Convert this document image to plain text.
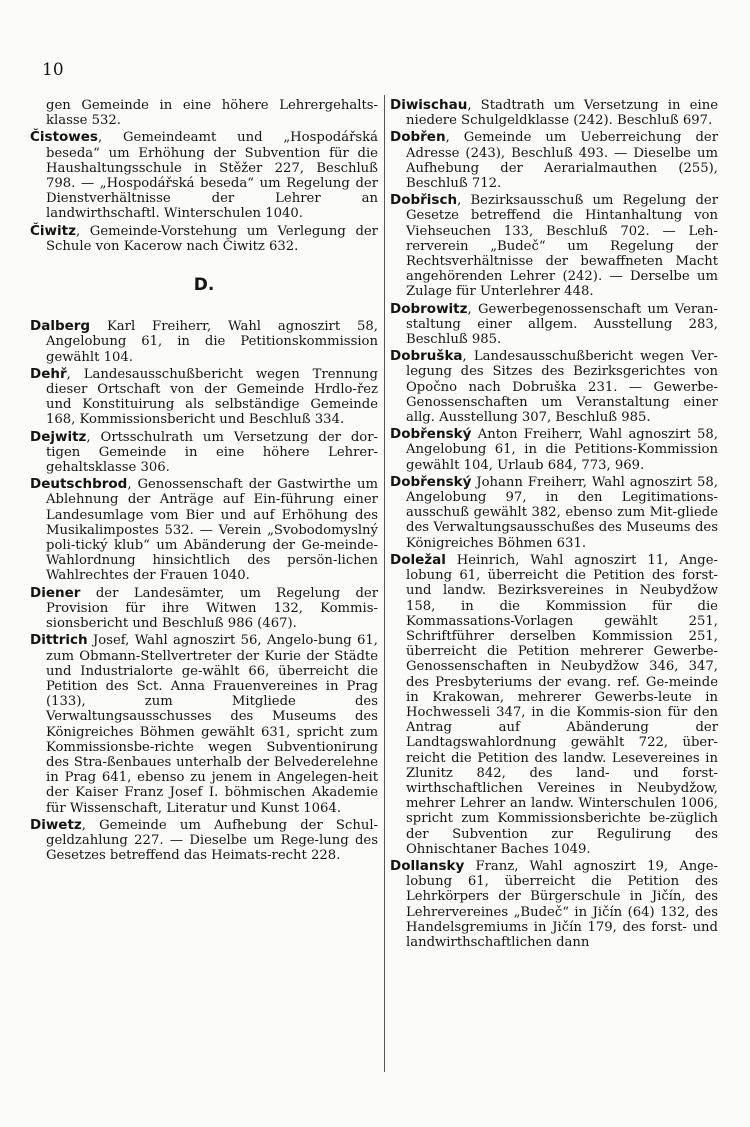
10

gen Gemeinde in eine höhere Lehrergehalts-klasse 532.

Čistowes, Gemeindeamt und „Hospodářská beseda“ um Erhöhung der Subvention für die Haushaltungsschule in Stěžer 227, Beschluß 798. — „Hospodářská beseda“ um Regelung der Dienstverhältnisse der Lehrer an landwirthschaftl. Winterschulen 1040.

Čiwitz, Gemeinde-Vorstehung um Verlegung der Schule von Kacerow nach Čiwitz 632.

D.

Dalberg Karl Freiherr, Wahl agnoszirt 58, Angelobung 61, in die Petitionskommission gewählt 104.

Dehř, Landesausschußbericht wegen Trennung dieser Ortschaft von der Gemeinde Hrdlo-řez und Konstituirung als selbständige Gemeinde 168, Kommissionsbericht und Beschluß 334.

Dejwitz, Ortsschulrath um Versetzung der dor-tigen Gemeinde in eine höhere Lehrer-gehaltsklasse 306.

Deutschbrod, Genossenschaft der Gastwirthe um Ablehnung der Anträge auf Ein-führung einer Landesumlage vom Bier und auf Erhöhung des Musikalimpostes 532. — Verein „Svobodomyslný poli-tický klub“ um Abänderung der Ge-meinde-Wahlordnung hinsichtlich des persön-lichen Wahlrechtes der Frauen 1040.

Diener der Landesämter, um Regelung der Provision für ihre Witwen 132, Kommis-sionsbericht und Beschluß 986 (467).

Dittrich Josef, Wahl agnoszirt 56, Angelo-bung 61, zum Obmann-Stellvertreter der Kurie der Städte und Industrialorte ge-wählt 66, überreicht die Petition des Sct. Anna Frauenvereines in Prag (133), zum Mitgliede des Verwaltungsausschusses des Museums des Königreiches Böhmen gewählt 631, spricht zum Kommissionsbe-richte wegen Subventionirung des Stra-ßenbaues unterhalb der Belvederelehne in Prag 641, ebenso zu jenem in Angelegen-heit der Kaiser Franz Josef I. böhmischen Akademie für Wissenschaft, Literatur und Kunst 1064.

Diwetz, Gemeinde um Aufhebung der Schul-geldzahlung 227. — Dieselbe um Rege-lung des Gesetzes betreffend das Heimats-recht 228.

Diwischau, Stadtrath um Versetzung in eine niedere Schulgeldklasse (242). Beschluß 697.

Dobřen, Gemeinde um Ueberreichung der Adresse (243), Beschluß 493. — Dieselbe um Aufhebung der Aerarialmauthen (255), Beschluß 712.

Dobřisch, Bezirksausschuß um Regelung der Gesetze betreffend die Hintanhaltung von Viehseuchen 133, Beschluß 702. — Leh-rerverein „Budeč“ um Regelung der Rechtsverhältnisse der bewaffneten Macht angehörenden Lehrer (242). — Derselbe um Zulage für Unterlehrer 448.

Dobrowitz, Gewerbegenossenschaft um Veran-staltung einer allgem. Ausstellung 283, Beschluß 985.

Dobruška, Landesausschußbericht wegen Ver-legung des Sitzes des Bezirksgerichtes von Opočno nach Dobruška 231. — Gewerbe-Genossenschaften um Veranstaltung einer allg. Ausstellung 307, Beschluß 985.

Dobřenský Anton Freiherr, Wahl agnoszirt 58, Angelobung 61, in die Petitions-Kommission gewählt 104, Urlaub 684, 773, 969.

Dobřenský Johann Freiherr, Wahl agnoszirt 58, Angelobung 97, in den Legitimations-ausschuß gewählt 382, ebenso zum Mit-gliede des Verwaltungsausschußes des Museums des Königreiches Böhmen 631.

Doležal Heinrich, Wahl agnoszirt 11, Ange-lobung 61, überreicht die Petition des forst- und landw. Bezirksvereines in Neubydžow 158, in die Kommission für die Kommassations-Vorlagen gewählt 251, Schriftführer derselben Kommission 251, überreicht die Petition mehrerer Gewerbe-Genossenschaften in Neubydžow 346, 347, des Presbyteriums der evang. ref. Ge-meinde in Krakowan, mehrerer Gewerbs-leute in Hochwesseli 347, in die Kommis-sion für den Antrag auf Abänderung der Landtagswahlordnung gewählt 722, über-reicht die Petition des landw. Lesevereines in Zlunitz 842, des land- und forst-wirthschaftlichen Vereines in Neubydžow, mehrer Lehrer an landw. Winterschulen 1006, spricht zum Kommissionsberichte be-züglich der Subvention zur Regulirung des Ohnischtaner Baches 1049.

Dollansky Franz, Wahl agnoszirt 19, Ange-lobung 61, überreicht die Petition des Lehrkörpers der Bürgerschule in Jičín, des Lehrervereines „Budeč“ in Jičín (64) 132, des Handelsgremiums in Jičín 179, des forst- und landwirthschaftlichen dann
